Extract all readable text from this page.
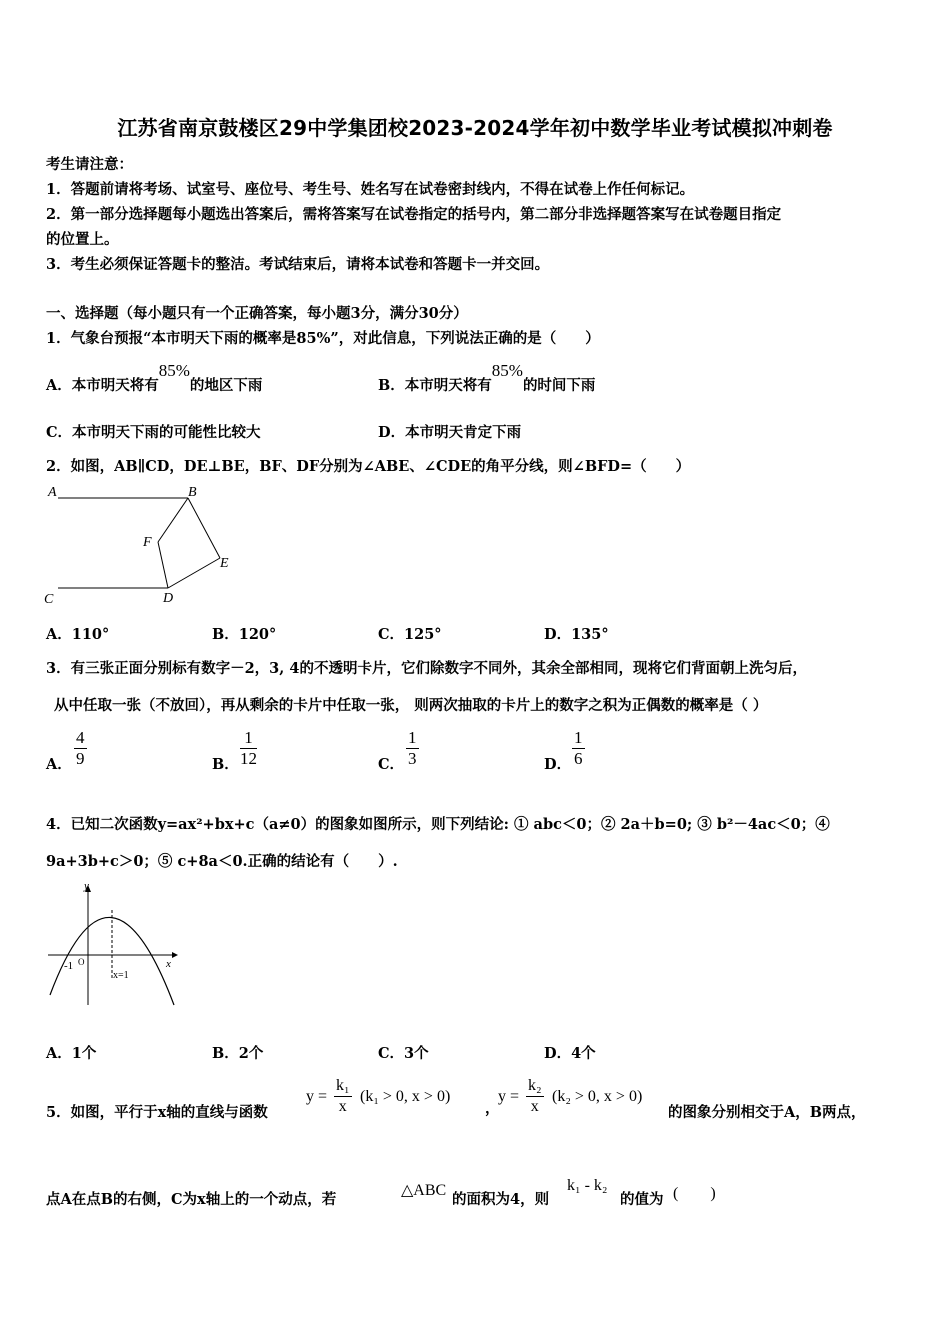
江苏省南京鼓楼区29中学集团校2023-2024学年初中数学毕业考试模拟冲刺卷
考生请注意：
1．答题前请将考场、试室号、座位号、考生号、姓名写在试卷密封线内，不得在试卷上作任何标记。
2．第一部分选择题每小题选出答案后，需将答案写在试卷指定的括号内，第二部分非选择题答案写在试卷题目指定
的位置上。
3．考生必须保证答题卡的整洁。考试结束后，请将本试卷和答题卡一并交回。
一、选择题（每小题只有一个正确答案，每小题3分，满分30分）
1．气象台预报“本市明天下雨的概率是85%”，对此信息，下列说法正确的是（　　）
A．本市明天将有85%的地区下雨	B．本市明天将有85%的时间下雨
C．本市明天下雨的可能性比较大	D．本市明天肯定下雨
2．如图，AB∥CD，DE⊥BE，BF、DF分别为∠ABE、∠CDE的角平分线，则∠BFD=（　　）
A	B
C	D
E
F
A．110°	B．120°	C．125°	D．135°
3．有三张正面分别标有数字－2，3, 4的不透明卡片，它们除数字不同外，其余全部相同，现将它们背面朝上洗匀后，
从中任取一张（不放回），再从剩余的卡片中任取一张， 则两次抽取的卡片上的数字之积为正偶数的概率是（ ）
A． $\frac{4}{9}$	B． $\frac{1}{12}$	C． $\frac{1}{3}$	D． $\frac{1}{6}$
4．已知二次函数y=ax²+bx+c（a≠0）的图象如图所示，则下列结论: ① abc＜0；② 2a＋b=0; ③ b²－4ac＜0；④
9a+3b+c＞0；⑤ c+8a＜0.正确的结论有（　　）.
y
x
-1 O
x=1
A．1个	B．2个	C．3个	D．4个
5．如图，平行于x轴的直线与函数
$y = \frac{\text{k₁}}{x} (k_1 > 0$, x > 0)
，
$y = \frac{\text{k₂}}{x} (k_2 > 0$, x > 0)
的图象分别相交于A，B两点，
点A在点B的右侧，C为x轴上的一个动点，若
△ABC
的面积为4，则
k₁ - k₂
的值为 (　　)
